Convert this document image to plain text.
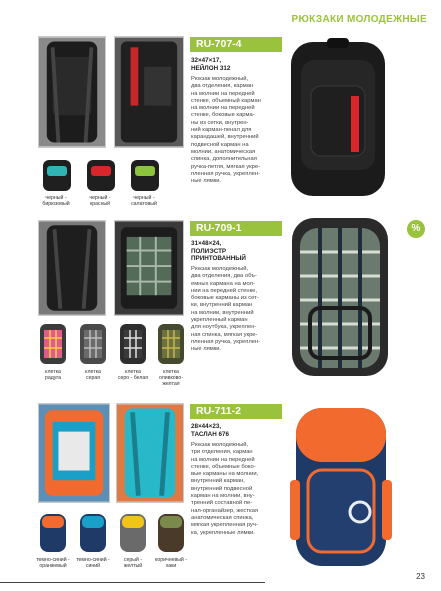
РЮКЗАКИ МОЛОДЕЖНЫЕ
черный -
бирюзовый
черный -
красный
черный -
салатовый
RU-707-4
32×47×17,
НЕЙЛОН 312
Рюкзак молодежный,
два отделения, карман
на молнии на передней
стенке, объемный карман
на молнии на передней
стенке, боковые карма-
ны из сетки, внутрен-
ний карман-пенал для
карандашей, внутренний
подвесной карман на
молнии, анатомическая
спинка, дополнительная
ручка-петля, мягкая укре-
пленная ручка, укреплен-
ные лямки.
клетка
радуга
клетка
серая
клетка
серо - белая
клетка
оливково-
желтая
RU-709-1
31×48×24,
ПОЛИЭСТР
ПРИНТОВАННЫЙ
Рюкзак молодежный,
два отделения, два объ-
емных кармана на мол-
нии на передней стенке,
боковые карманы из сет-
ки, внутренний карман
на молнии, внутренний
укрепленный карман
для ноутбука, укреплен-
ная спинка, мягкая укре-
пленная ручка, укреплен-
ные лямки.
%
темно-синий -
оранжевый
темно-синий -
синий
серый -
желтый
коричневый -
хаки
RU-711-2
28×44×23,
ТАСЛАН 676
Рюкзак молодежный,
три отделения, карман
на молнии на передней
стенке, объемные боко-
вые карманы на молнии,
внутренний карман,
внутренний подвесной
карман на молнии, вну-
тренний составной пе-
нал-органайзер, жесткая
анатомическая спинка,
мягкая укрепленная руч-
ка, укрепленные лямки.
23
